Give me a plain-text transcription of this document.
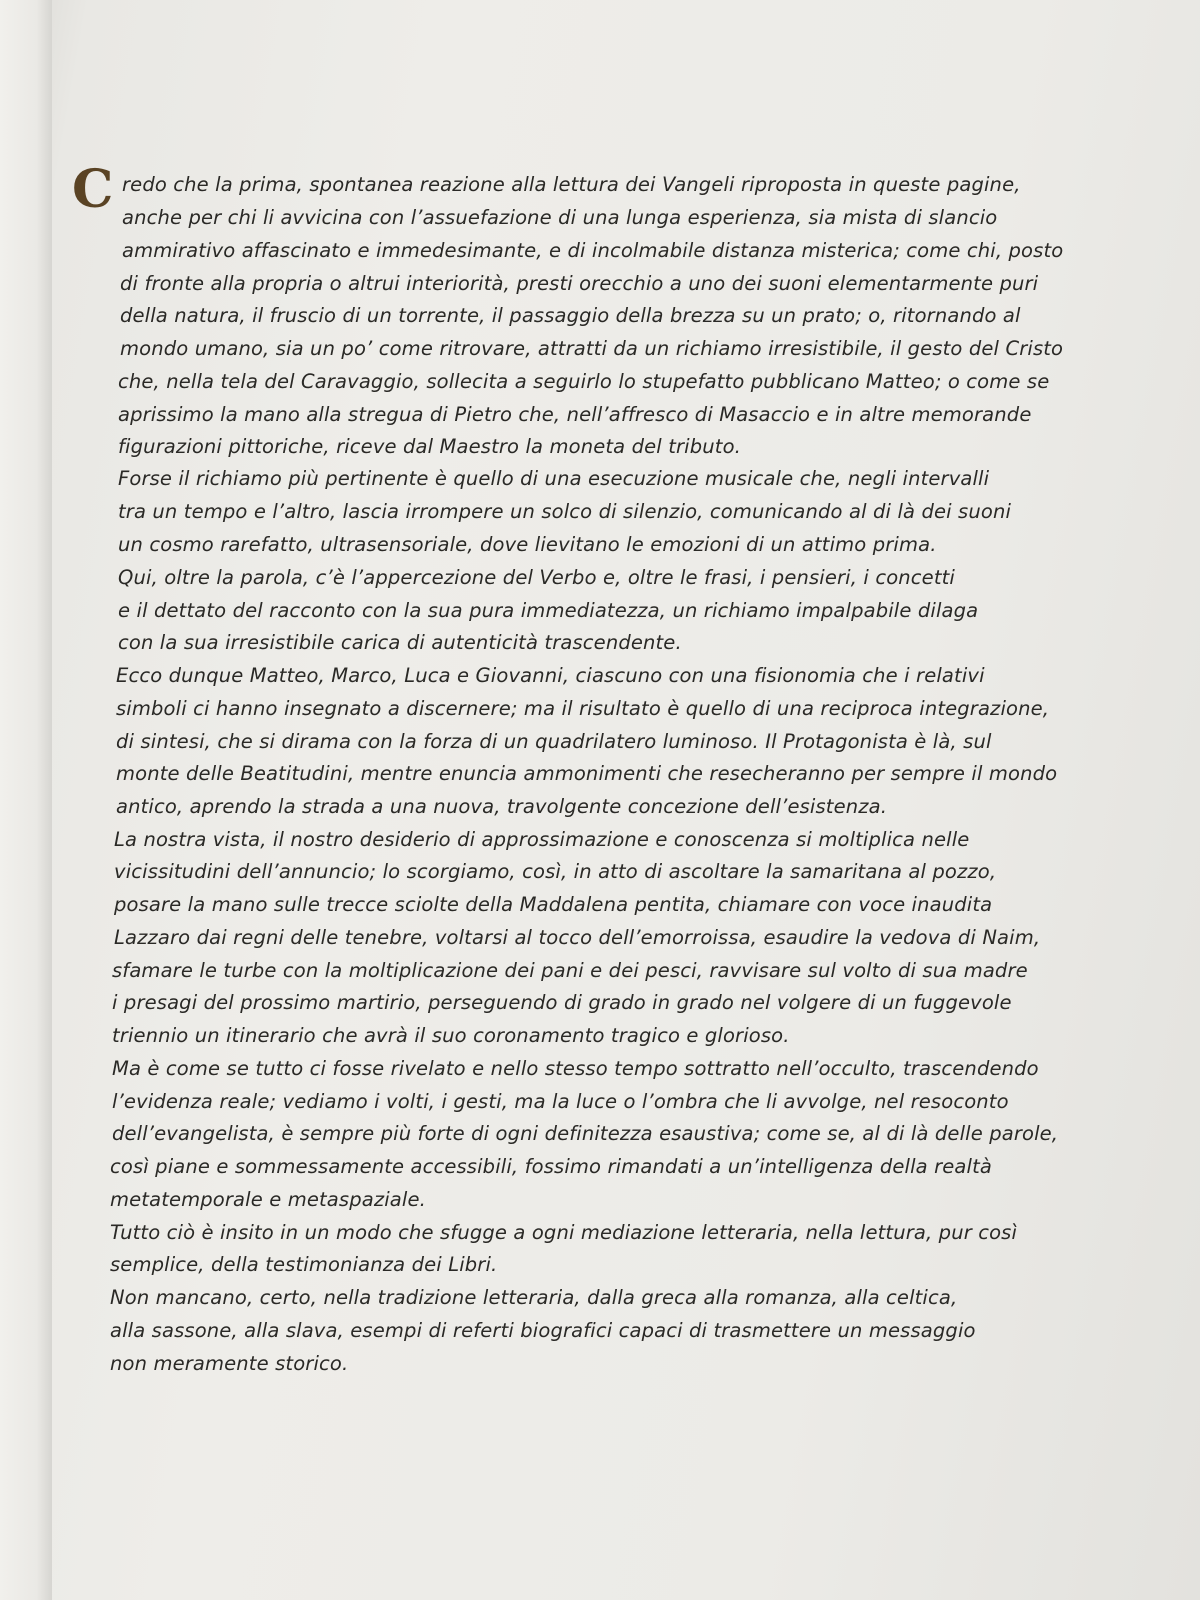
C redo che la prima, spontanea reazione alla lettura dei Vangeli riproposta in queste pagine,
anche per chi li avvicina con l’assuefazione di una lunga esperienza, sia mista di slancio
ammirativo affascinato e immedesimante, e di incolmabile distanza misterica; come chi, posto
di fronte alla propria o altrui interiorità, presti orecchio a uno dei suoni elementarmente puri
della natura, il fruscio di un torrente, il passaggio della brezza su un prato; o, ritornando al
mondo umano, sia un po’ come ritrovare, attratti da un richiamo irresistibile, il gesto del Cristo
che, nella tela del Caravaggio, sollecita a seguirlo lo stupefatto pubblicano Matteo; o come se
aprissimo la mano alla stregua di Pietro che, nell’affresco di Masaccio e in altre memorande
figurazioni pittoriche, riceve dal Maestro la moneta del tributo.
Forse il richiamo più pertinente è quello di una esecuzione musicale che, negli intervalli
tra un tempo e l’altro, lascia irrompere un solco di silenzio, comunicando al di là dei suoni
un cosmo rarefatto, ultrasensoriale, dove lievitano le emozioni di un attimo prima.
Qui, oltre la parola, c’è l’appercezione del Verbo e, oltre le frasi, i pensieri, i concetti
e il dettato del racconto con la sua pura immediatezza, un richiamo impalpabile dilaga
con la sua irresistibile carica di autenticità trascendente.
Ecco dunque Matteo, Marco, Luca e Giovanni, ciascuno con una fisionomia che i relativi
simboli ci hanno insegnato a discernere; ma il risultato è quello di una reciproca integrazione,
di sintesi, che si dirama con la forza di un quadrilatero luminoso. Il Protagonista è là, sul
monte delle Beatitudini, mentre enuncia ammonimenti che resecheranno per sempre il mondo
antico, aprendo la strada a una nuova, travolgente concezione dell’esistenza.
La nostra vista, il nostro desiderio di approssimazione e conoscenza si moltiplica nelle
vicissitudini dell’annuncio; lo scorgiamo, così, in atto di ascoltare la samaritana al pozzo,
posare la mano sulle trecce sciolte della Maddalena pentita, chiamare con voce inaudita
Lazzaro dai regni delle tenebre, voltarsi al tocco dell’emorroissa, esaudire la vedova di Naim,
sfamare le turbe con la moltiplicazione dei pani e dei pesci, ravvisare sul volto di sua madre
i presagi del prossimo martirio, perseguendo di grado in grado nel volgere di un fuggevole
triennio un itinerario che avrà il suo coronamento tragico e glorioso.
Ma è come se tutto ci fosse rivelato e nello stesso tempo sottratto nell’occulto, trascendendo
l’evidenza reale; vediamo i volti, i gesti, ma la luce o l’ombra che li avvolge, nel resoconto
dell’evangelista, è sempre più forte di ogni definitezza esaustiva; come se, al di là delle parole,
così piane e sommessamente accessibili, fossimo rimandati a un’intelligenza della realtà
metatemporale e metaspaziale.
Tutto ciò è insito in un modo che sfugge a ogni mediazione letteraria, nella lettura, pur così
semplice, della testimonianza dei Libri.
Non mancano, certo, nella tradizione letteraria, dalla greca alla romanza, alla celtica,
alla sassone, alla slava, esempi di referti biografici capaci di trasmettere un messaggio
non meramente storico.
